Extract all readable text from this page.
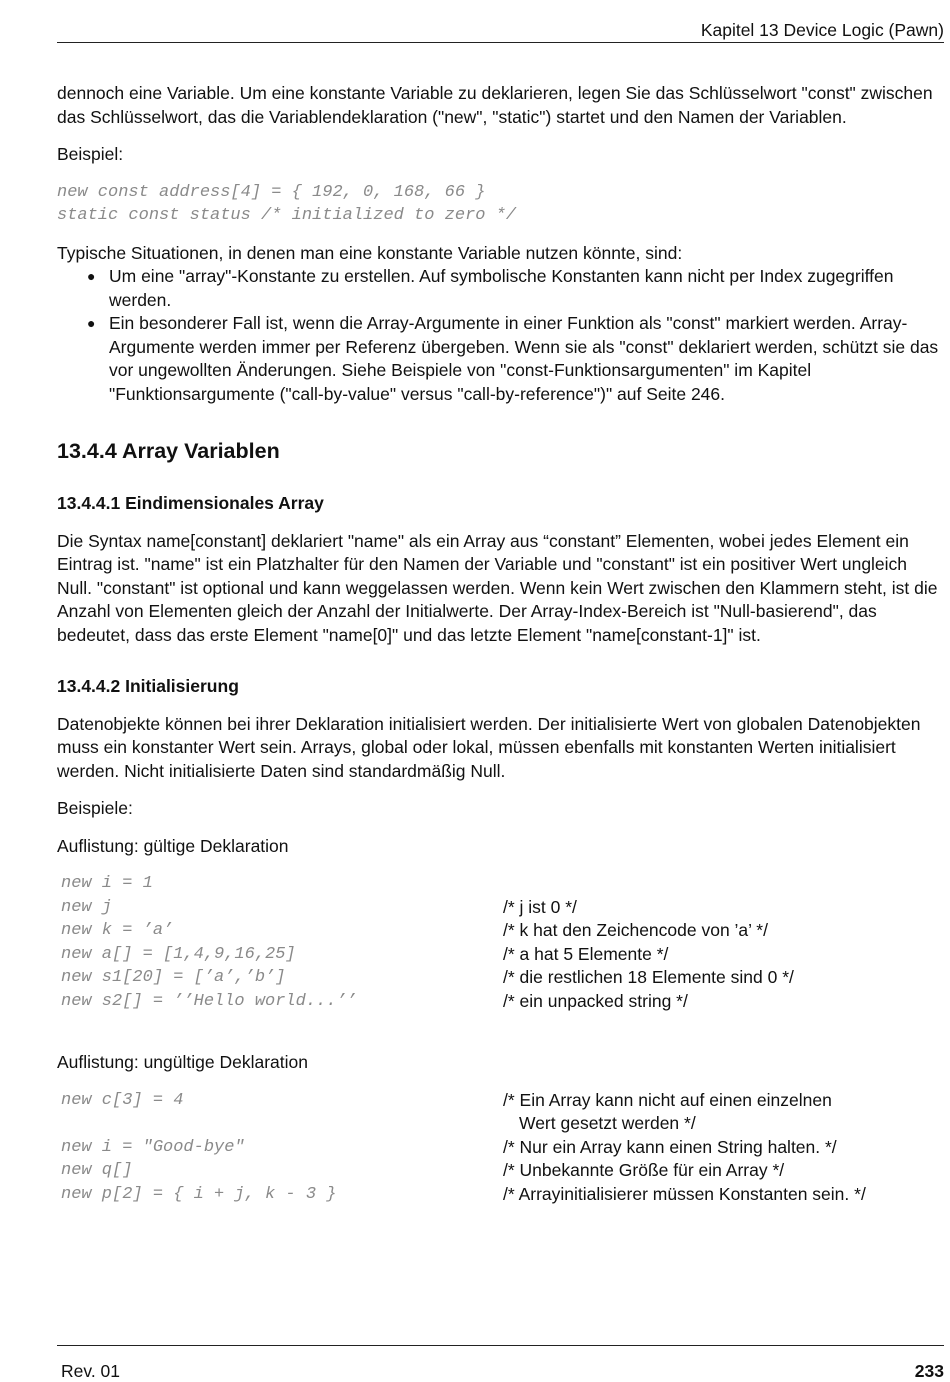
Kapitel 13 Device Logic (Pawn)

dennoch eine Variable. Um eine konstante Variable zu deklarieren, legen Sie das Schlüsselwort "const" zwischen das Schlüsselwort, das die Variablendeklaration ("new", "static") startet und den Namen der Variablen.

Beispiel:

new const address[4] = { 192, 0, 168, 66 }
static const status /* initialized to zero */

Typische Situationen, in denen man eine konstante Variable nutzen könnte, sind:

● Um eine "array"-Konstante zu erstellen. Auf symbolische Konstanten kann nicht per Index zugegriffen werden.
● Ein besonderer Fall ist, wenn die Array-Argumente in einer Funktion als "const" markiert werden. Array-Argumente werden immer per Referenz übergeben. Wenn sie als "const" deklariert werden, schützt sie das vor ungewollten Änderungen. Siehe Beispiele von "const-Funktionsargumenten" im Kapitel "Funktionsargumente ("call-by-value" versus "call-by-reference")" auf Seite 246.
13.4.4 Array Variablen
13.4.4.1 Eindimensionales Array

Die Syntax name[constant] deklariert "name" als ein Array aus “constant” Elementen, wobei jedes Element ein Eintrag ist. "name" ist ein Platzhalter für den Namen der Variable und "constant" ist ein positiver Wert ungleich Null. "constant" ist optional und kann weggelassen werden. Wenn kein Wert zwischen den Klammern steht, ist die Anzahl von Elementen gleich der Anzahl der Initialwerte. Der Array-Index-Bereich ist "Null-basierend", das bedeutet, dass das erste Element "name[0]" und das letzte Element "name[constant-1]" ist.

13.4.4.2 Initialisierung

Datenobjekte können bei ihrer Deklaration initialisiert werden. Der initialisierte Wert von globalen Datenobjekten muss ein konstanter Wert sein. Arrays, global oder lokal, müssen ebenfalls mit konstanten Werten initialisiert werden. Nicht initialisierte Daten sind standardmäßig Null.

Beispiele:

Auflistung: gültige Deklaration

new i = 1
new j	/* j ist 0 */
new k = ’a’	/* k hat den Zeichencode von ’a’ */
new a[] = [1,4,9,16,25]	/* a hat 5 Elemente */
new s1[20] = [’a’,’b’]	/* die restlichen 18 Elemente sind 0 */
new s2[] = ’’Hello world...’’	/* ein unpacked string */

Auflistung: ungültige Deklaration

new c[3] = 4	/* Ein Array kann nicht auf einen einzelnen
Wert gesetzt werden */
new i = "Good-bye"	/* Nur ein Array kann einen String halten. */
new q[]	/* Unbekannte Größe für ein Array */
new p[2] = { i + j, k - 3 }	/* Arrayinitialisierer müssen Konstanten sein. */
Rev. 01	233
